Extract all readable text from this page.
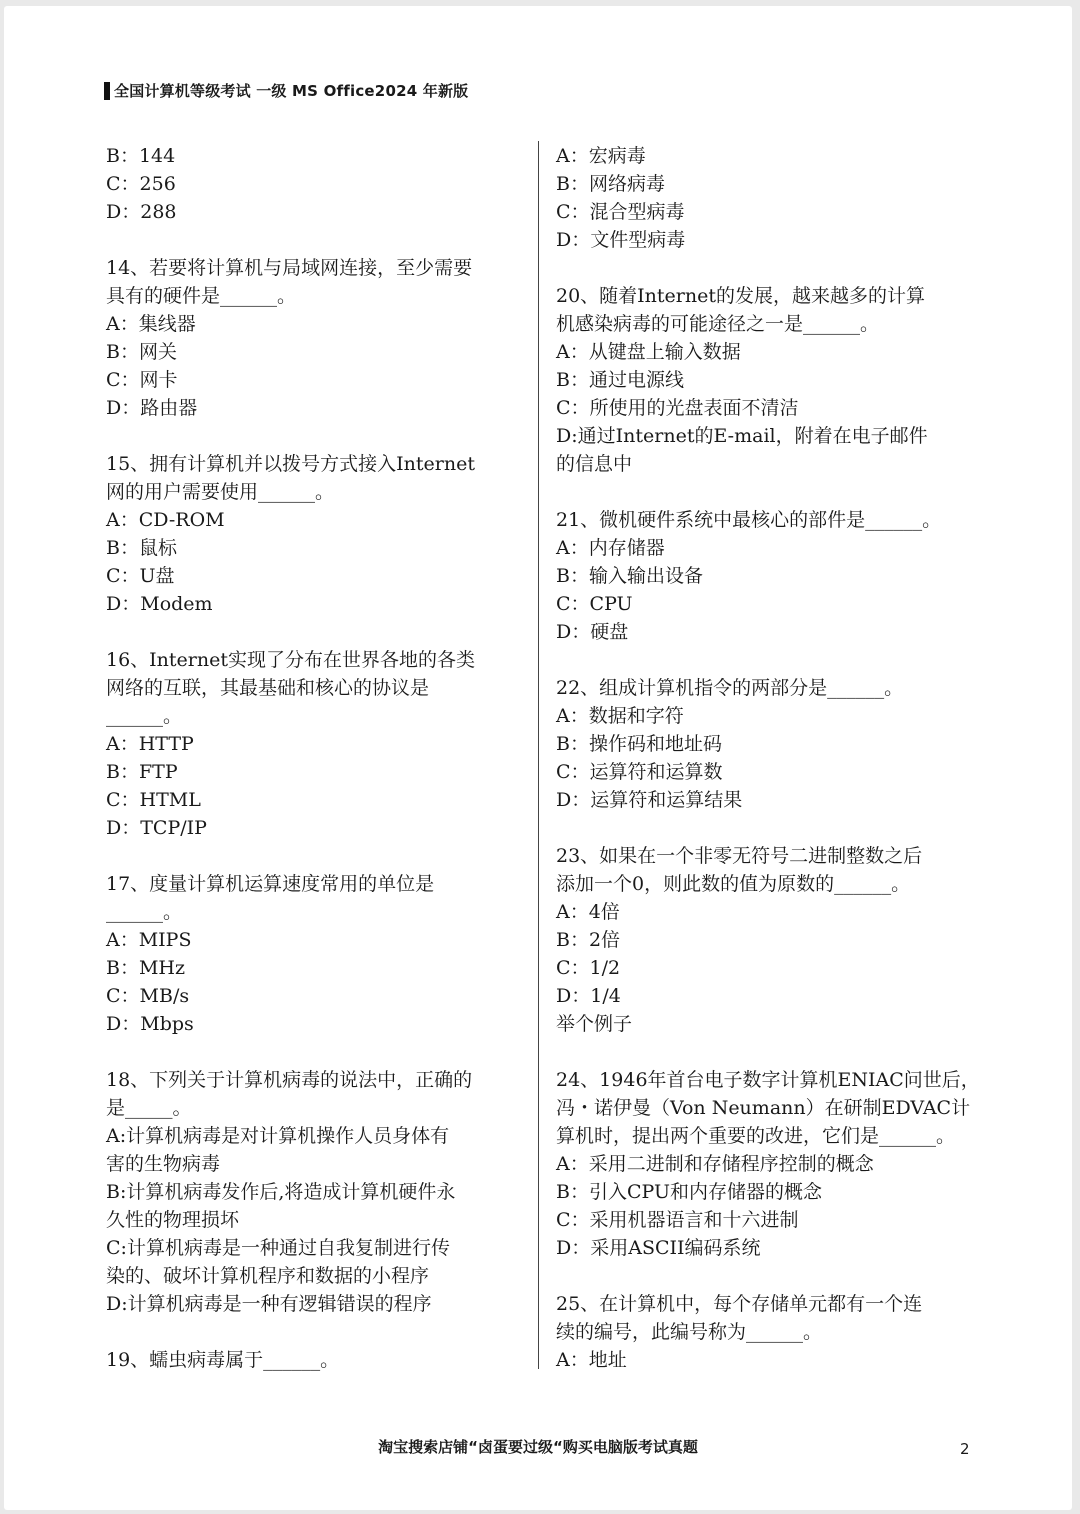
全国计算机等级考试 一级 MS Office2024 年新版
B：144
C：256
D：288
14、若要将计算机与局域网连接，至少需要
具有的硬件是______。
A：集线器
B：网关
C：网卡
D：路由器
15、拥有计算机并以拨号方式接入Internet
网的用户需要使用______。
A：CD-ROM
B：鼠标
C：U盘
D：Modem
16、Internet实现了分布在世界各地的各类
网络的互联，其最基础和核心的协议是
______。
A：HTTP
B：FTP
C：HTML
D：TCP/IP
17、度量计算机运算速度常用的单位是
______。
A：MIPS
B：MHz
C：MB/s
D：Mbps
18、下列关于计算机病毒的说法中，正确的
是_____。
A:计算机病毒是对计算机操作人员身体有
害的生物病毒
B:计算机病毒发作后,将造成计算机硬件永
久性的物理损坏
C:计算机病毒是一种通过自我复制进行传
染的、破坏计算机程序和数据的小程序
D:计算机病毒是一种有逻辑错误的程序
19、蠕虫病毒属于______。
A：宏病毒
B：网络病毒
C：混合型病毒
D：文件型病毒
20、随着Internet的发展，越来越多的计算
机感染病毒的可能途径之一是______。
A：从键盘上输入数据
B：通过电源线
C：所使用的光盘表面不清洁
D:通过Internet的E-mail，附着在电子邮件
的信息中
21、微机硬件系统中最核心的部件是______。
A：内存储器
B：输入输出设备
C：CPU
D：硬盘
22、组成计算机指令的两部分是______。
A：数据和字符
B：操作码和地址码
C：运算符和运算数
D：运算符和运算结果
23、如果在一个非零无符号二进制整数之后
添加一个0，则此数的值为原数的______。
A：4倍
B：2倍
C：1/2
D：1/4
举个例子
24、1946年首台电子数字计算机ENIAC问世后，
冯・诺伊曼（Von Neumann）在研制EDVAC计
算机时，提出两个重要的改进，它们是______。
A：采用二进制和存储程序控制的概念
B：引入CPU和内存储器的概念
C：采用机器语言和十六进制
D：采用ASCII编码系统
25、在计算机中，每个存储单元都有一个连
续的编号，此编号称为______。
A：地址
淘宝搜索店铺“卤蛋要过级“购买电脑版考试真题	2
